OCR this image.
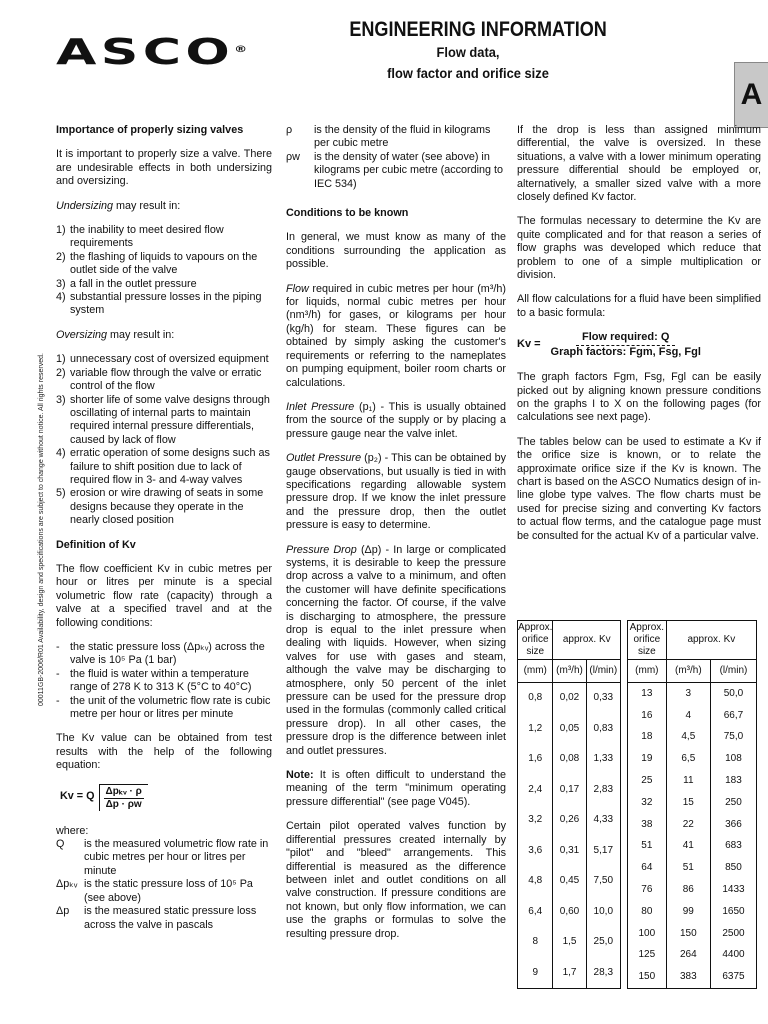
ASCO®
ENGINEERING INFORMATION
Flow data,
flow factor and orifice size
A
Importance of properly sizing valves

It is important to properly size a valve. There are undesirable effects in both undersizing and oversizing.

Undersizing may result in:

1) the inability to meet desired flow requirements
2) the flashing of liquids to vapours on the outlet side of the valve
3) a fall in the outlet pressure
4) substantial pressure losses in the piping system

Oversizing may result in:

1) unnecessary cost of oversized equipment
2) variable flow through the valve or erratic control of the flow
3) shorter life of some valve designs through oscillating of internal parts to maintain required internal pressure differentials, caused by lack of flow
4) erratic operation of some designs such as failure to shift position due to lack of required flow in 3- and 4-way valves
5) erosion or wire drawing of seats in some designs because they operate in the nearly closed position
Definition of Kv

The flow coefficient Kv in cubic metres per hour or litres per minute is a special volumetric flow rate (capacity) through a valve at a specified travel and at the following conditions:

- the static pressure loss (Δpₖᵥ) across the valve is 10⁵ Pa (1 bar)
- the fluid is water within a temperature range of 278 K to 313 K (5°C to 40°C)
- the unit of the volumetric flow rate is cubic metre per hour or litres per minute

The Kv value can be obtained from test results with the help of the following equation:

Kv = Q Δpₖᵥ · ρ
Δp · ρw
where:
Q	is the measured volumetric flow rate in cubic metres per hour or litres per minute
Δpₖᵥ is the static pressure loss of 10⁵ Pa (see above)
Δp	is the measured static pressure loss across the valve in pascals
ρ	is the density of the fluid in kilograms per cubic metre
ρw	is the density of water (see above) in kilograms per cubic metre (according to IEC 534)
Conditions to be known

In general, we must know as many of the conditions surrounding the application as possible.

Flow required in cubic metres per hour (m³/h) for liquids, normal cubic metres per hour (nm³/h) for gases, or kilograms per hour (kg/h) for steam. These figures can be obtained by simply asking the customer's requirements or referring to the nameplates on pumping equipment, boiler room charts or calculations.

Inlet Pressure (p₁) - This is usually obtained from the source of the supply or by placing a pressure gauge near the valve inlet.

Outlet Pressure (p₂) - This can be obtained by gauge observations, but usually is tied in with specifications regarding allowable system pressure drop. If we know the inlet pressure and the pressure drop, then the outlet pressure is easy to determine.

Pressure Drop (Δp) - In large or complicated systems, it is desirable to keep the pressure drop across a valve to a minimum, and often the customer will have definite specifications concerning the factor. Of course, if the valve is discharging to atmosphere, the pressure drop is equal to the inlet pressure when dealing with liquids. However, when sizing valves for use with gases and steam, although the valve may be discharging to atmosphere, only 50 percent of the inlet pressure can be used for the pressure drop used in the formulas (commonly called critical pressure drop). In all other cases, the pressure drop is the difference between inlet and outlet pressures.

Note: It is often difficult to understand the meaning of the term "minimum operating pressure differential" (see page V045).

Certain pilot operated valves function by differential pressures created internally by "pilot" and "bleed" arrangements. This differential is measured as the difference between inlet and outlet conditions on all valve construction. If pressure conditions are not known, but only flow information, we can use the graphs or formulas to solve the resulting pressure drop.

If the drop is less than assigned minimum differential, the valve is oversized. In these situations, a valve with a lower minimum operating pressure differential should be employed or, alternatively, a smaller sized valve with a more closely defined Kv factor.

The formulas necessary to determine the Kv are quite complicated and for that reason a series of flow graphs was developed which reduce that problem to one of a simple multiplication or division.

All flow calculations for a fluid have been simplified to a basic formula:

$Kv = \frac{\text{Flow required: Q}}{\text{Graph factors: Fgm, Fsg, Fgl}}$

The graph factors Fgm, Fsg, Fgl can be easily picked out by aligning known pressure conditions on the graphs I to X on the following pages (for calculations see next page).

The tables below can be used to estimate a Kv if the orifice size is known, or to relate the approximate orifice size if the Kv is known. The chart is based on the ASCO Numatics design of in-line globe type valves. The flow charts must be used for precise sizing and converting Kv factors to actual flow terms, and the catalogue page must be consulted for the actual Kv of a particular valve.

Approx. orifice size	approx. Kv	
(mm)	(m³/h)	(l/min)
0,8	0,02	0,33
1,2	0,05	0,83
1,6	0,08	1,33
2,4	0,17	2,83
3,2	0,26	4,33
3,6	0,31	5,17
4,8	0,45	7,50
6,4	0,60	10,0
8	1,5	25,0
9	1,7	28,3
Approx. orifice size	approx. Kv	
(mm)	(m³/h)	(l/min)
13	3	50,0
16	4	66,7
18	4,5	75,0
19	6,5	108
25	11	183
32	15	250
38	22	366
51	41	683
64	51	850
76	86	1433
80	99	1650
100	150	2500
125	264	4400
150	383	6375
00011GB-2006/R01 Availability, design and specifications are subject to change without notice. All rights reserved.
